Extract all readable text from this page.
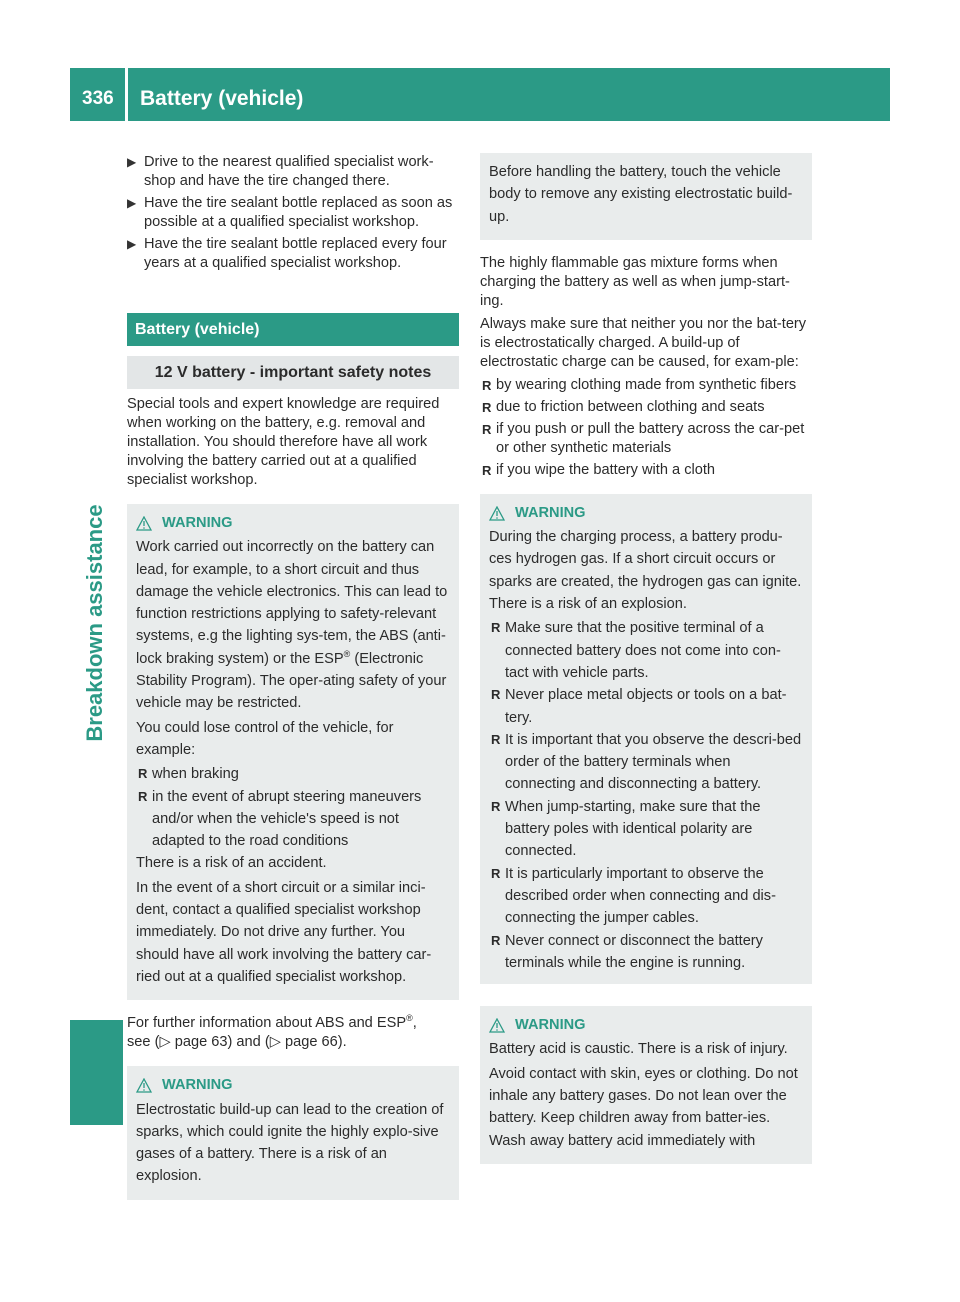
336 Battery (vehicle)
Breakdown assistance
▶ Drive to the nearest qualified specialist work-shop and have the tire changed there.
▶ Have the tire sealant bottle replaced as soon as possible at a qualified specialist workshop.
▶ Have the tire sealant bottle replaced every four years at a qualified specialist workshop.
Battery (vehicle)
12 V battery - important safety notes

Special tools and expert knowledge are required when working on the battery, e.g. removal and installation. You should therefore have all work involving the battery carried out at a qualified specialist workshop.

WARNING

Work carried out incorrectly on the battery can lead, for example, to a short circuit and thus damage the vehicle electronics. This can lead to function restrictions applying to safety-relevant systems, e.g the lighting sys-tem, the ABS (anti-lock braking system) or the ESP® (Electronic Stability Program). The oper-ating safety of your vehicle may be restricted.

You could lose control of the vehicle, for example:

R when braking
R in the event of abrupt steering maneuvers and/or when the vehicle's speed is not adapted to the road conditions

There is a risk of an accident.

In the event of a short circuit or a similar inci-dent, contact a qualified specialist workshop immediately. Do not drive any further. You should have all work involving the battery car-ried out at a qualified specialist workshop.

For further information about ABS and ESP®,
see (▷ page 63) and (▷ page 66).

WARNING

Electrostatic build-up can lead to the creation of sparks, which could ignite the highly explo-sive gases of a battery. There is a risk of an explosion.

Before handling the battery, touch the vehicle body to remove any existing electrostatic build-up.

The highly flammable gas mixture forms when charging the battery as well as when jump-start-ing.

Always make sure that neither you nor the bat-tery is electrostatically charged. A build-up of electrostatic charge can be caused, for exam-ple:

R by wearing clothing made from synthetic fibers
R due to friction between clothing and seats
R if you push or pull the battery across the car-pet or other synthetic materials
R if you wipe the battery with a cloth
WARNING

During the charging process, a battery produ-ces hydrogen gas. If a short circuit occurs or sparks are created, the hydrogen gas can ignite. There is a risk of an explosion.

R Make sure that the positive terminal of a connected battery does not come into con-tact with vehicle parts.
R Never place metal objects or tools on a bat-tery.
R It is important that you observe the descri-bed order of the battery terminals when connecting and disconnecting a battery.
R When jump-starting, make sure that the battery poles with identical polarity are connected.
R It is particularly important to observe the described order when connecting and dis-connecting the jumper cables.
R Never connect or disconnect the battery terminals while the engine is running.
WARNING

Battery acid is caustic. There is a risk of injury.

Avoid contact with skin, eyes or clothing. Do not inhale any battery gases. Do not lean over the battery. Keep children away from batter-ies. Wash away battery acid immediately with
